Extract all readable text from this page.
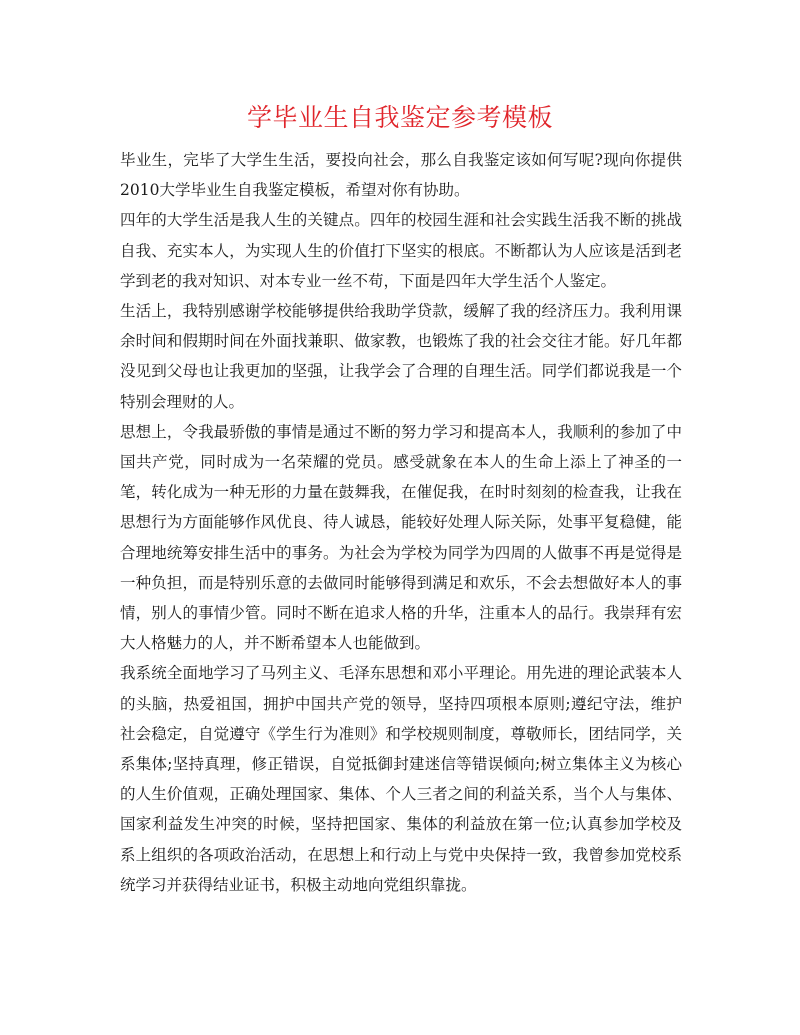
学毕业生自我鉴定参考模板

毕业生，完毕了大学生生活，要投向社会，那么自我鉴定该如何写呢?现向你提供2010大学毕业生自我鉴定模板，希望对你有协助。

四年的大学生活是我人生的关键点。四年的校园生涯和社会实践生活我不断的挑战自我、充实本人，为实现人生的价值打下坚实的根底。不断都认为人应该是活到老学到老的我对知识、对本专业一丝不苟，下面是四年大学生活个人鉴定。

生活上，我特别感谢学校能够提供给我助学贷款，缓解了我的经济压力。我利用课余时间和假期时间在外面找兼职、做家教，也锻炼了我的社会交往才能。好几年都没见到父母也让我更加的坚强，让我学会了合理的自理生活。同学们都说我是一个特别会理财的人。

思想上，令我最骄傲的事情是通过不断的努力学习和提高本人，我顺利的参加了中国共产党，同时成为一名荣耀的党员。感受就象在本人的生命上添上了神圣的一笔，转化成为一种无形的力量在鼓舞我，在催促我，在时时刻刻的检查我，让我在思想行为方面能够作风优良、待人诚恳，能较好处理人际关际，处事平复稳健，能合理地统筹安排生活中的事务。为社会为学校为同学为四周的人做事不再是觉得是一种负担，而是特别乐意的去做同时能够得到满足和欢乐，不会去想做好本人的事情，别人的事情少管。同时不断在追求人格的升华，注重本人的品行。我崇拜有宏大人格魅力的人，并不断希望本人也能做到。

我系统全面地学习了马列主义、毛泽东思想和邓小平理论。用先进的理论武装本人的头脑，热爱祖国，拥护中国共产党的领导，坚持四项根本原则;遵纪守法，维护社会稳定，自觉遵守《学生行为准则》和学校规则制度，尊敬师长，团结同学，关系集体;坚持真理，修正错误，自觉抵御封建迷信等错误倾向;树立集体主义为核心的人生价值观，正确处理国家、集体、个人三者之间的利益关系，当个人与集体、国家利益发生冲突的时候，坚持把国家、集体的利益放在第一位;认真参加学校及系上组织的各项政治活动，在思想上和行动上与党中央保持一致，我曾参加党校系统学习并获得结业证书，积极主动地向党组织靠拢。
